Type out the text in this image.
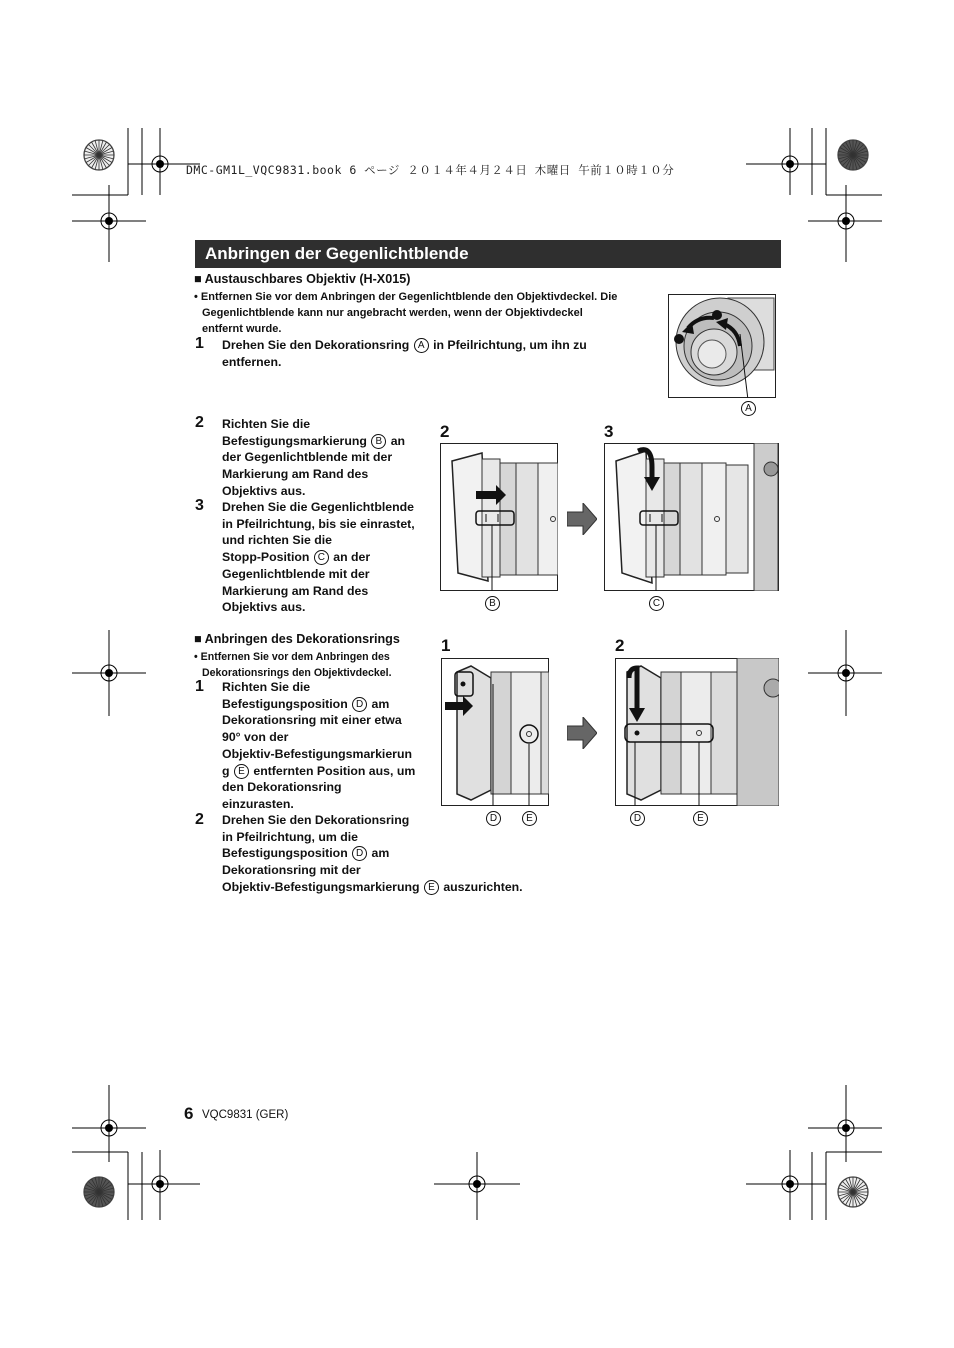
DMC-GM1L_VQC9831.book 6 ページ ２０１４年４月２４日 木曜日 午前１０時１０分
Anbringen der Gegenlichtblende
■ Austauschbares Objektiv (H-X015)
• Entfernen Sie vor dem Anbringen der Gegenlichtblende den Objektivdeckel. Die
Gegenlichtblende kann nur angebracht werden, wenn der Objektivdeckel
entfernt wurde.
1 Drehen Sie den Dekorationsring A in Pfeilrichtung, um ihn zu
entfernen.
2 Richten Sie die
Befestigungsmarkierung B an
der Gegenlichtblende mit der
Markierung am Rand des
Objektivs aus.
3 Drehen Sie die Gegenlichtblende
in Pfeilrichtung, bis sie einrastet,
und richten Sie die
Stopp-Position C an der
Gegenlichtblende mit der
Markierung am Rand des
Objektivs aus.
■ Anbringen des Dekorationsrings
• Entfernen Sie vor dem Anbringen des
Dekorationsrings den Objektivdeckel.
1 Richten Sie die
Befestigungsposition D am
Dekorationsring mit einer etwa
90° von der
Objektiv-Befestigungsmarkierun
g E entfernten Position aus, um
den Dekorationsring
einzurasten.
2 Drehen Sie den Dekorationsring
in Pfeilrichtung, um die
Befestigungsposition D am
Dekorationsring mit der
Objektiv-Befestigungsmarkierung E auszurichten.
A
2	3
B	C
1	2
D	E	D	E
6 VQC9831 (GER)
